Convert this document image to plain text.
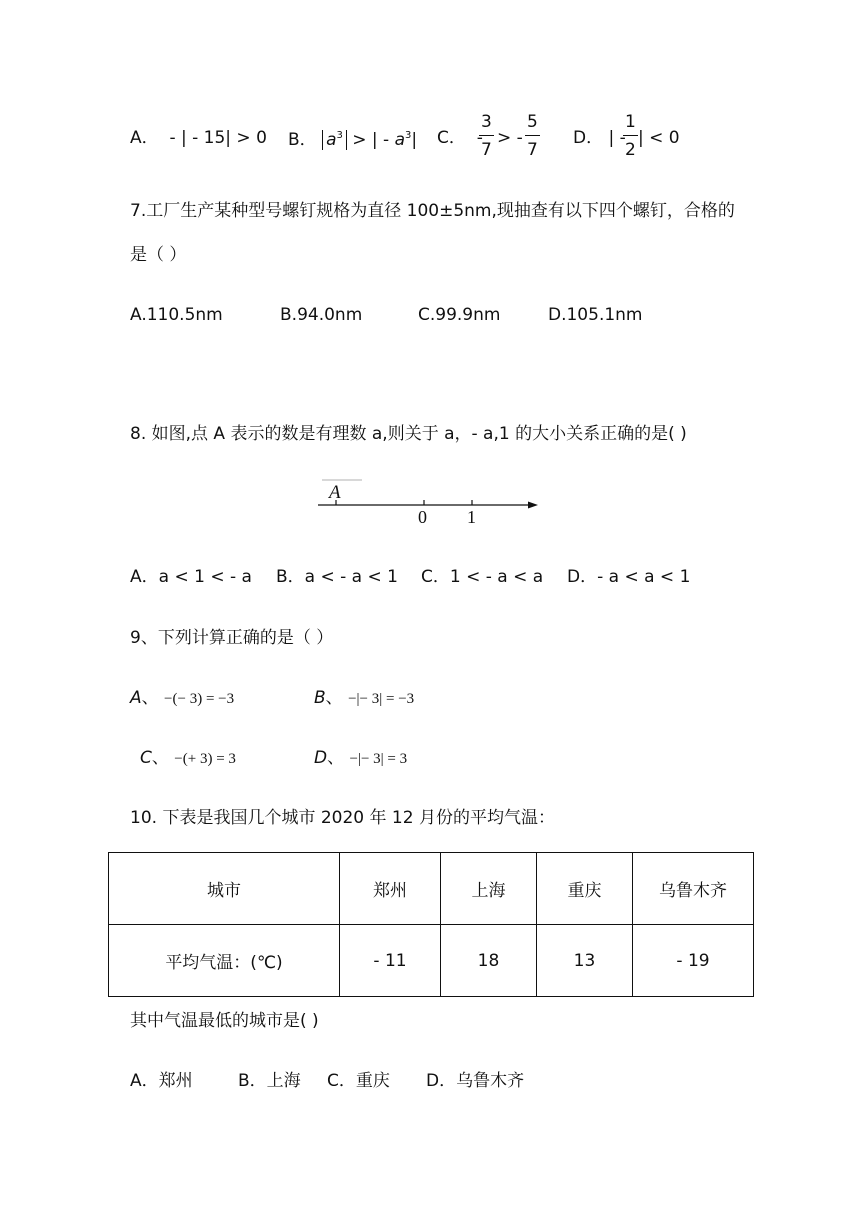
A． - | - 15| > 0 B． $a^3$ > | - $a^3|$ C． -
$\frac{3}{7}$ > - $\frac{5}{7}$ D． | -
$\frac{1}{2}$ | < 0
7.工厂生产某种型号螺钉规格为直径 100±5nm,现抽查有以下四个螺钉，合格的
是（ ）
A.110.5nm	B.94.0nm	C.99.9nm	D.105.1nm
8. 如图,点 A 表示的数是有理数 a,则关于 a，- a,1 的大小关系正确的是( )
A
0 1
A．a < 1 < - a B．a < - a < 1 C．1 < - a < a D．- a < a < 1
9、下列计算正确的是（ ）
A、 −(− 3) = −3	B、 −|− 3| = −3
C、 −(+ 3) = 3	D、 −|− 3| = 3
10. 下表是我国几个城市 2020 年 12 月份的平均气温：
城市	郑州	上海	重庆	乌鲁木齐
平均气温：(℃)	- 11	18	13	- 19
其中气温最低的城市是( )
A．郑州	B．上海 C．重庆 D．乌鲁木齐
